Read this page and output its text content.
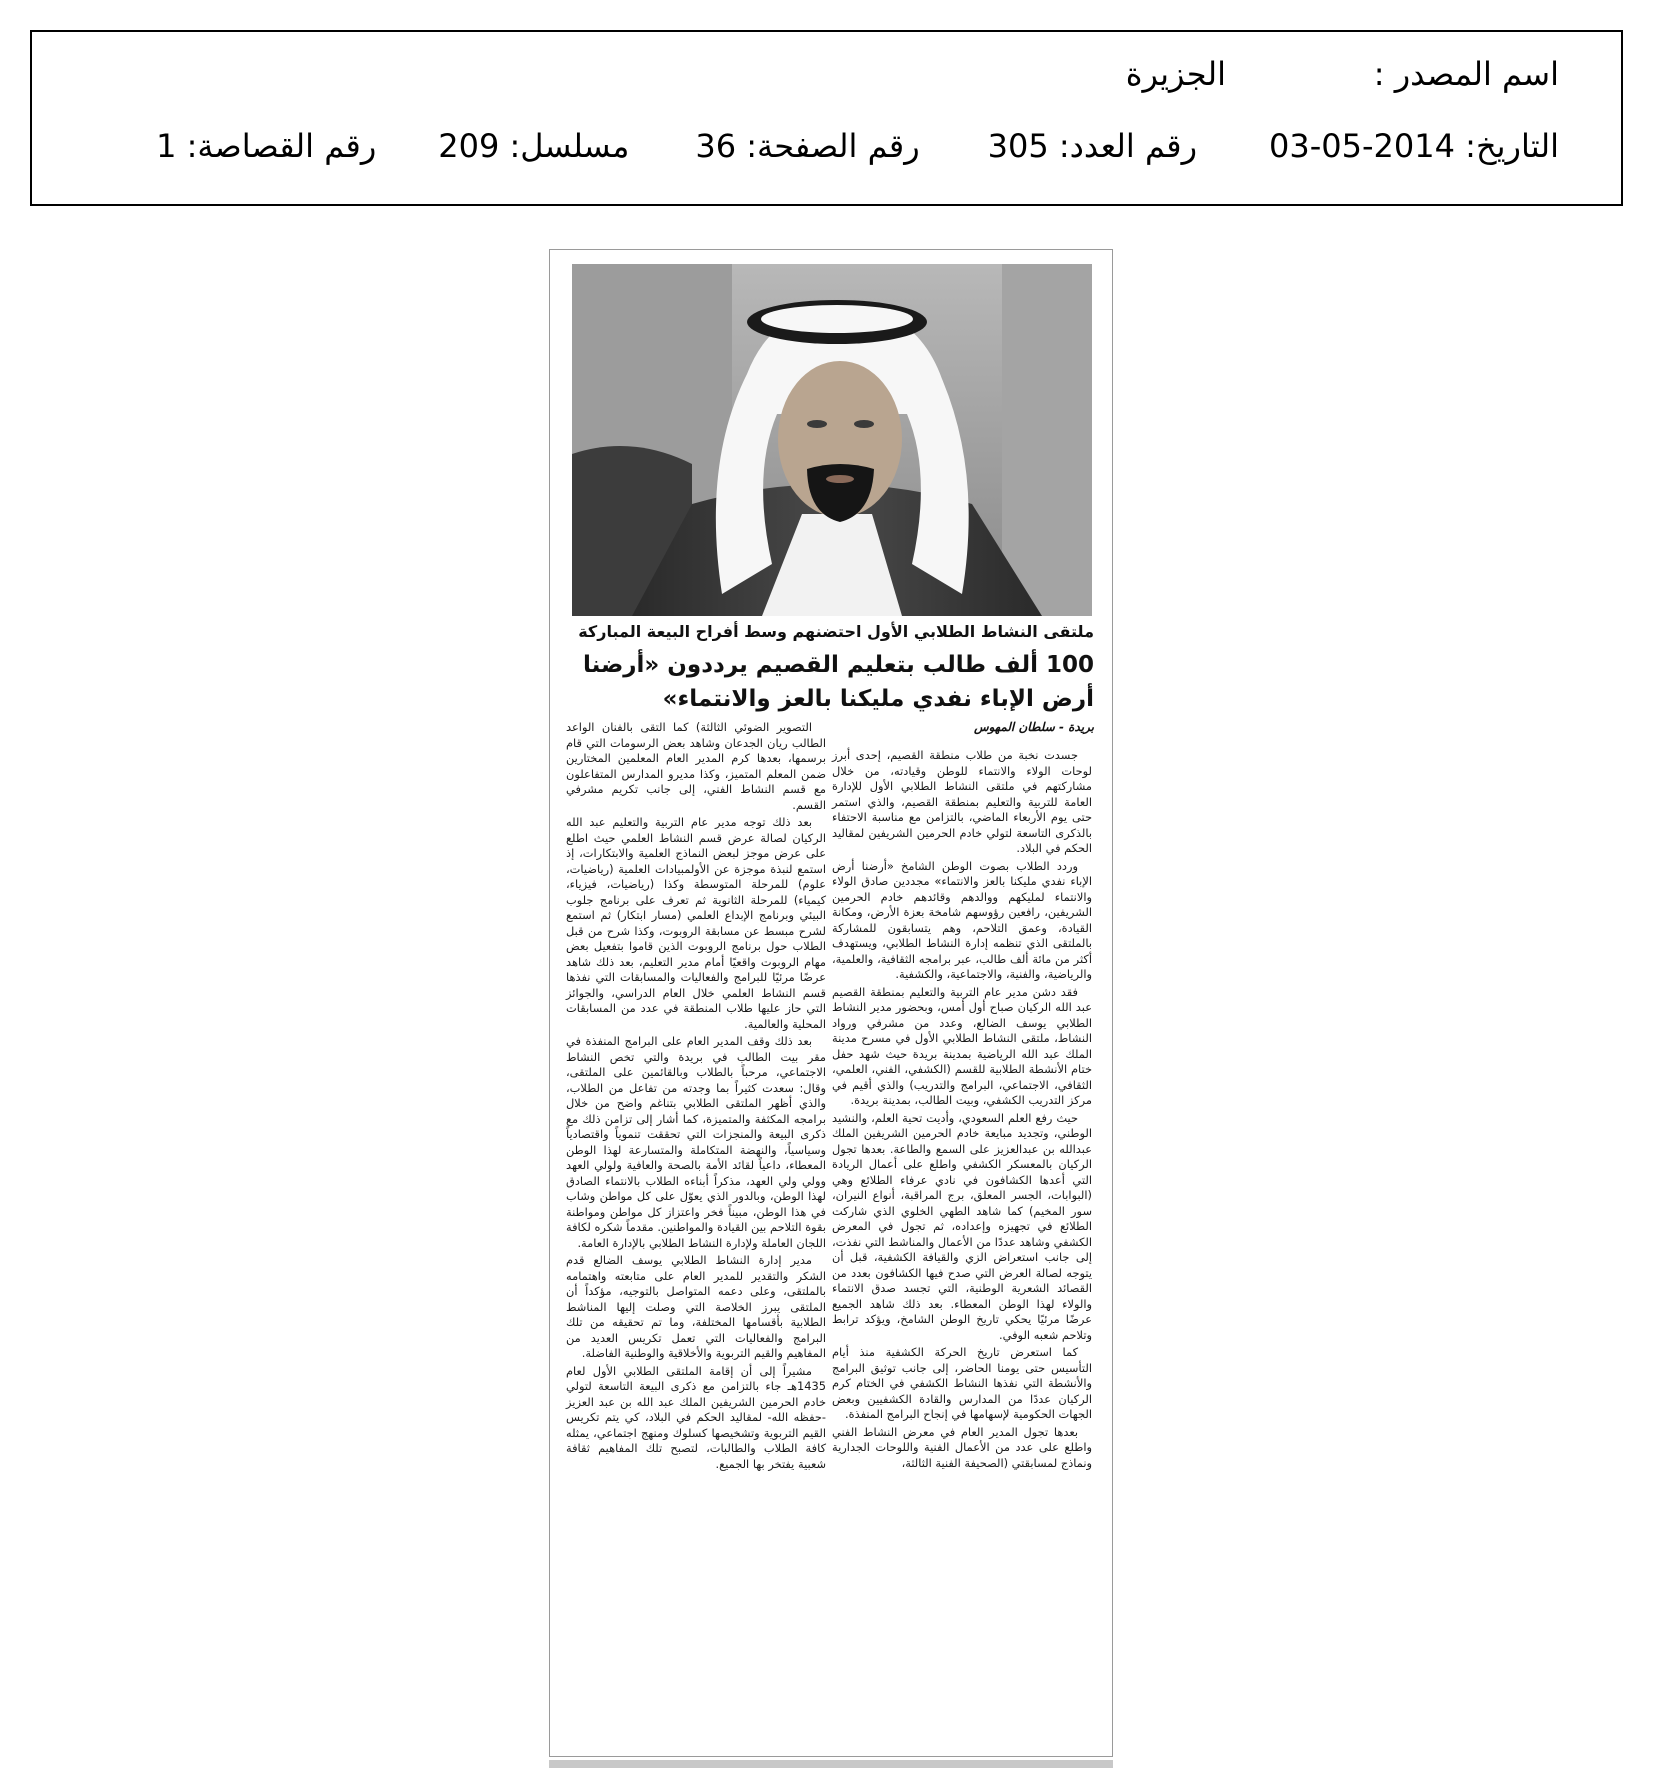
اسم المصدر :
الجزيرة
التاريخ: 2014-05-03
رقم العدد: 305
رقم الصفحة: 36
مسلسل: 209
رقم القصاصة: 1
ملتقى النشاط الطلابي الأول احتضنهم وسط أفراح البيعة المباركة
100 ألف طالب بتعليم القصيم يرددون «أرضنا أرض الإباء نفدي مليكنا بالعز والانتماء»
بريدة - سلطان المهوس

جسدت نخبة من طلاب منطقة القصيم، إحدى أبرز لوحات الولاء والانتماء للوطن وقيادته، من خلال مشاركتهم في ملتقى النشاط الطلابي الأول للإدارة العامة للتربية والتعليم بمنطقة القصيم، والذي استمر حتى يوم الأربعاء الماضي، بالتزامن مع مناسبة الاحتفاء بالذكرى التاسعة لتولي خادم الحرمين الشريفين لمقاليد الحكم في البلاد.

وردد الطلاب بصوت الوطن الشامخ «أرضنا أرض الإباء نفدي مليكنا بالعز والانتماء» مجددين صادق الولاء والانتماء لمليكهم ووالدهم وقائدهم خادم الحرمين الشريفين، رافعين رؤوسهم شامخة بعزة الأرض، ومكانة القيادة، وعمق التلاحم، وهم يتسابقون للمشاركة بالملتقى الذي تنظمه إدارة النشاط الطلابي، ويستهدف أكثر من مائة ألف طالب، عبر برامجه الثقافية، والعلمية، والرياضية، والفنية، والاجتماعية، والكشفية.

فقد دشن مدير عام التربية والتعليم بمنطقة القصيم عبد الله الركيان صباح أول أمس، وبحضور مدير النشاط الطلابي يوسف الضالع، وعدد من مشرفي ورواد النشاط، ملتقى النشاط الطلابي الأول في مسرح مدينة الملك عبد الله الرياضية بمدينة بريدة حيث شهد حفل ختام الأنشطة الطلابية للقسم (الكشفي، الفني، العلمي، الثقافي، الاجتماعي، البرامج والتدريب) والذي أقيم في مركز التدريب الكشفي، وبيت الطالب، بمدينة بريدة.

حيث رفع العلم السعودي، وأديت تحية العلم، والنشيد الوطني، وتجديد مبايعة خادم الحرمين الشريفين الملك عبدالله بن عبدالعزيز على السمع والطاعة. بعدها تجول الركيان بالمعسكر الكشفي واطلع على أعمال الريادة التي أعدها الكشافون في نادي عرفاء الطلائع وهي (البوابات، الجسر المعلق، برج المراقبة، أنواع النيران، سور المخيم) كما شاهد الطهي الخلوي الذي شاركت الطلائع في تجهيزه وإعداده، ثم تجول في المعرض الكشفي وشاهد عددًا من الأعمال والمناشط التي نفذت، إلى جانب استعراض الزي والقيافة الكشفية، قبل أن يتوجه لصالة العرض التي صدح فيها الكشافون بعدد من القصائد الشعرية الوطنية، التي تجسد صدق الانتماء والولاء لهذا الوطن المعطاء. بعد ذلك شاهد الجميع عرضًا مرئيًا يحكي تاريخ الوطن الشامخ، ويؤكد ترابط وتلاحم شعبه الوفي.

كما استعرض تاريخ الحركة الكشفية منذ أيام التأسيس حتى يومنا الحاضر، إلى جانب توثيق البرامج والأنشطة التي نفذها النشاط الكشفي في الختام كرم الركيان عددًا من المدارس والقادة الكشفيين وبعض الجهات الحكومية لإسهامها في إنجاح البرامج المنفذة.

بعدها تجول المدير العام في معرض النشاط الفني واطلع على عدد من الأعمال الفنية واللوحات الجدارية ونماذج لمسابقتي (الصحيفة الفنية الثالثة،

التصوير الضوئي الثالثة) كما التقى بالفنان الواعد الطالب ريان الجدعان وشاهد بعض الرسومات التي قام برسمها، بعدها كرم المدير العام المعلمين المختارين ضمن المعلم المتميز، وكذا مديرو المدارس المتفاعلون مع قسم النشاط الفني، إلى جانب تكريم مشرفي القسم.

بعد ذلك توجه مدير عام التربية والتعليم عبد الله الركيان لصالة عرض قسم النشاط العلمي حيث اطلع على عرض موجز لبعض النماذج العلمية والابتكارات، إذ استمع لنبذة موجزة عن الأولمبيادات العلمية (رياضيات، علوم) للمرحلة المتوسطة وكذا (رياضيات، فيزياء، كيمياء) للمرحلة الثانوية ثم تعرف على برنامج جلوب البيئي وبرنامج الإبداع العلمي (مسار ابتكار) ثم استمع لشرح مبسط عن مسابقة الروبوت، وكذا شرح من قبل الطلاب حول برنامج الروبوت الذين قاموا بتفعيل بعض مهام الروبوت واقعيًا أمام مدير التعليم، بعد ذلك شاهد عرضًا مرئيًا للبرامج والفعاليات والمسابقات التي نفذها قسم النشاط العلمي خلال العام الدراسي، والجوائز التي حاز عليها طلاب المنطقة في عدد من المسابقات المحلية والعالمية.

بعد ذلك وقف المدير العام على البرامج المنفذة في مقر بيت الطالب في بريدة والتي تخص النشاط الاجتماعي، مرحباً بالطلاب وبالقائمين على الملتقى، وقال: سعدت كثيراً بما وجدته من تفاعل من الطلاب، والذي أظهر الملتقى الطلابي بتناغم واضح من خلال برامجه المكثفة والمتميزة، كما أشار إلى تزامن ذلك مع ذكرى البيعة والمنجزات التي تحققت تنموياً واقتصادياً وسياسياً، والنهضة المتكاملة والمتسارعة لهذا الوطن المعطاء، داعياً لقائد الأمة بالصحة والعافية ولولي العهد وولي ولي العهد، مذكراً أبناءه الطلاب بالانتماء الصادق لهذا الوطن، وبالدور الذي يعوّل على كل مواطن وشاب في هذا الوطن، مبيناً فخر واعتزاز كل مواطن ومواطنة بقوة التلاحم بين القيادة والمواطنين. مقدماً شكره لكافة اللجان العاملة ولإدارة النشاط الطلابي بالإدارة العامة.

مدير إدارة النشاط الطلابي يوسف الضالع قدم الشكر والتقدير للمدير العام على متابعته واهتمامه بالملتقى، وعلى دعمه المتواصل بالتوجيه، مؤكداً أن الملتقى يبرز الخلاصة التي وصلت إليها المناشط الطلابية بأقسامها المختلفة، وما تم تحقيقه من تلك البرامج والفعاليات التي تعمل تكريس العديد من المفاهيم والقيم التربوية والأخلاقية والوطنية الفاضلة.

مشيراً إلى أن إقامة الملتقى الطلابي الأول لعام 1435هـ جاء بالتزامن مع ذكرى البيعة التاسعة لتولي خادم الحرمين الشريفين الملك عبد الله بن عبد العزيز -حفظه الله- لمقاليد الحكم في البلاد، كي يتم تكريس القيم التربوية وتشخيصها كسلوك ومنهج اجتماعي، يمثله كافة الطلاب والطالبات، لتصبح تلك المفاهيم ثقافة شعبية يفتخر بها الجميع.
